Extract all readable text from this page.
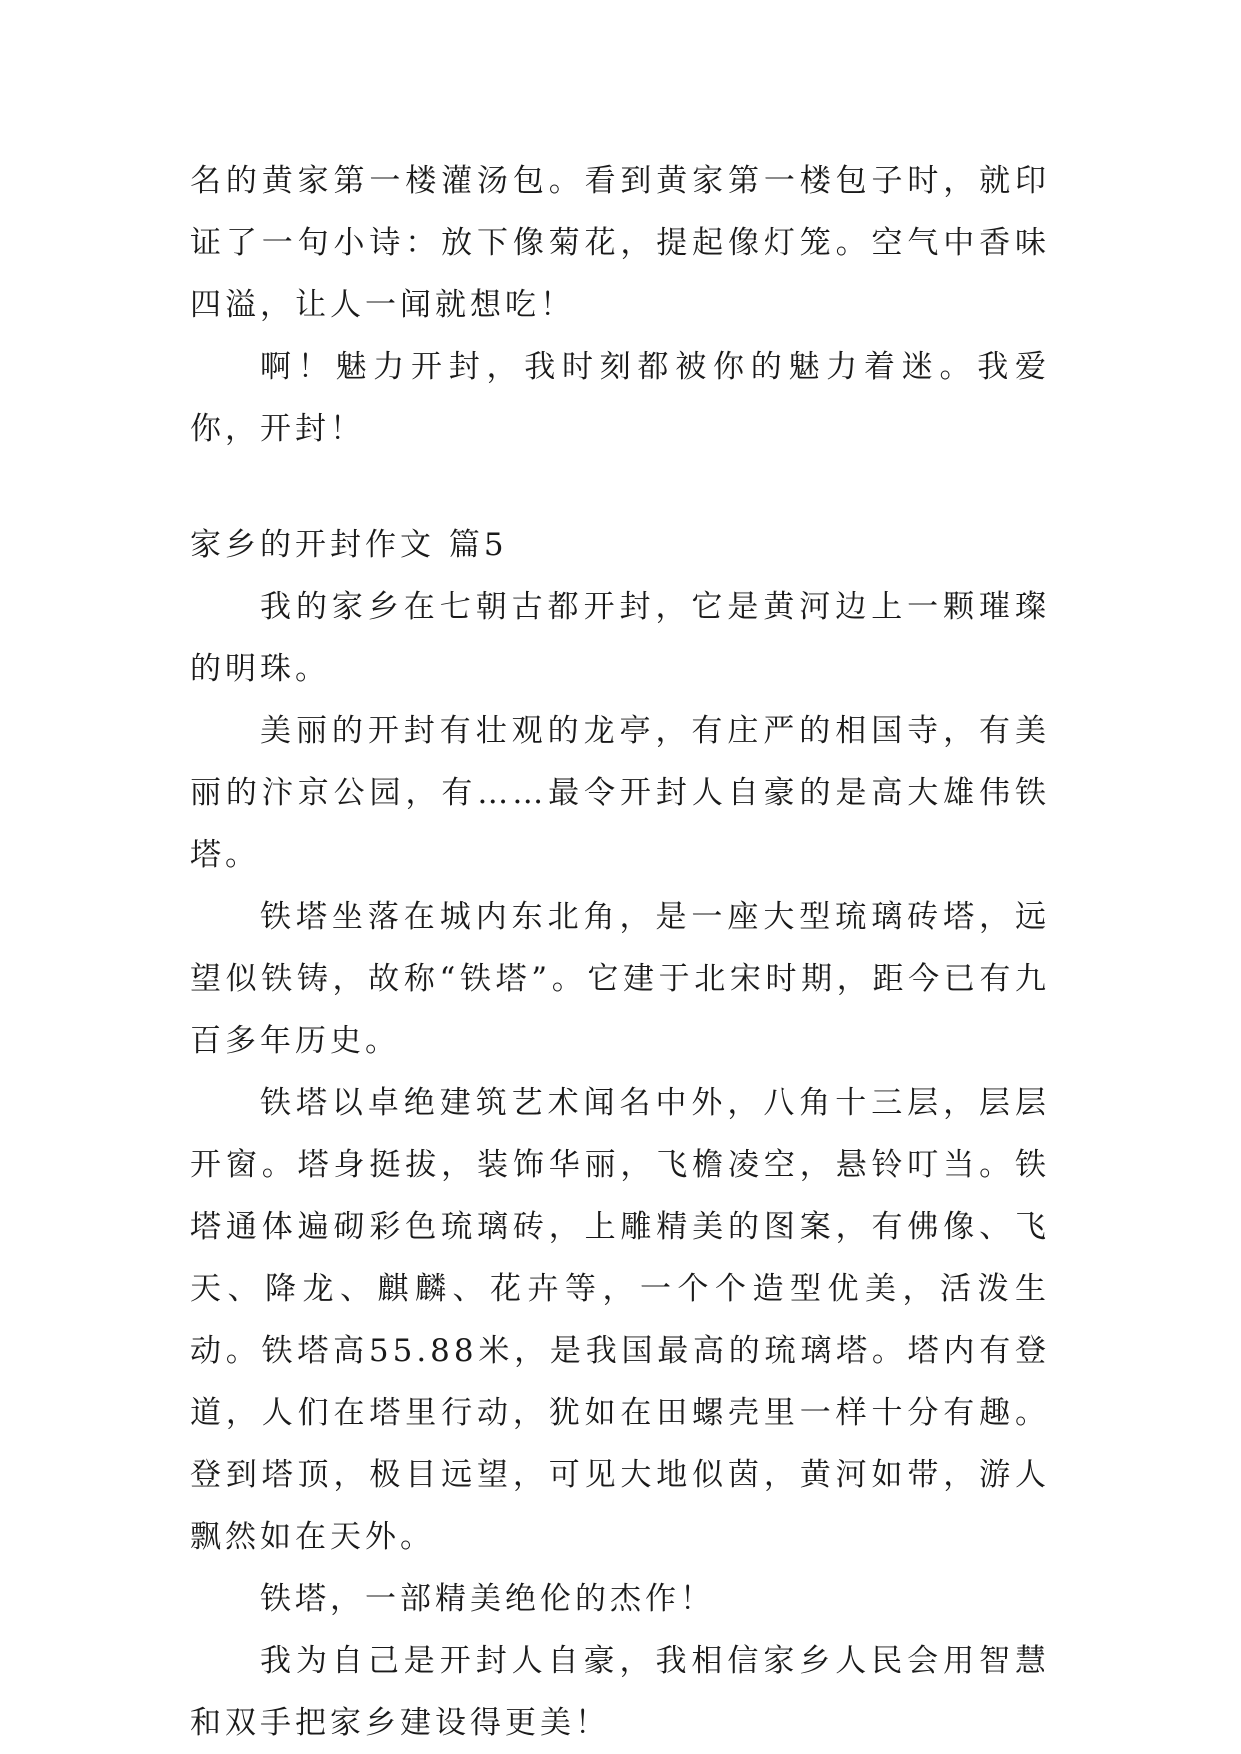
名的黄家第一楼灌汤包。看到黄家第一楼包子时，就印证了一句小诗：放下像菊花，提起像灯笼。空气中香味四溢，让人一闻就想吃！

啊！魅力开封，我时刻都被你的魅力着迷。我爱你，开封！

家乡的开封作文 篇5

我的家乡在七朝古都开封，它是黄河边上一颗璀璨的明珠。

美丽的开封有壮观的龙亭，有庄严的相国寺，有美丽的汴京公园，有……最令开封人自豪的是高大雄伟铁塔。

铁塔坐落在城内东北角，是一座大型琉璃砖塔，远望似铁铸，故称“铁塔”。它建于北宋时期，距今已有九百多年历史。

铁塔以卓绝建筑艺术闻名中外，八角十三层，层层开窗。塔身挺拔，装饰华丽，飞檐凌空，悬铃叮当。铁塔通体遍砌彩色琉璃砖，上雕精美的图案，有佛像、飞天、降龙、麒麟、花卉等，一个个造型优美，活泼生动。铁塔高55.88米，是我国最高的琉璃塔。塔内有登道，人们在塔里行动，犹如在田螺壳里一样十分有趣。登到塔顶，极目远望，可见大地似茵，黄河如带，游人飘然如在天外。

铁塔，一部精美绝伦的杰作！

我为自己是开封人自豪，我相信家乡人民会用智慧和双手把家乡建设得更美！
